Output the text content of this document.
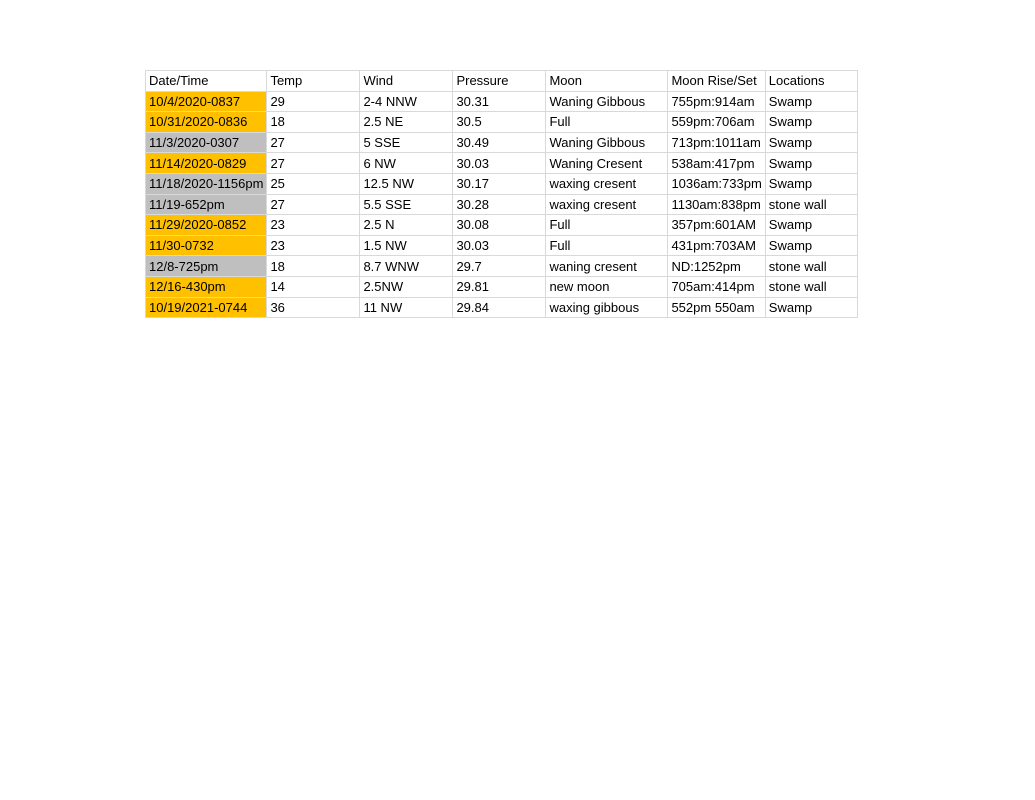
Date/Time	Temp	Wind	Pressure	Moon	Moon Rise/Set	Locations
10/4/2020-0837	29	2-4 NNW	30.31	Waning Gibbous	755pm:914am	Swamp
10/31/2020-0836	18	2.5 NE	30.5	Full	559pm:706am	Swamp
11/3/2020-0307	27	5 SSE	30.49	Waning Gibbous	713pm:1011am	Swamp
11/14/2020-0829	27	6 NW	30.03	Waning Cresent	538am:417pm	Swamp
11/18/2020-1156pm	25	12.5 NW	30.17	waxing cresent	1036am:733pm	Swamp
11/19-652pm	27	5.5 SSE	30.28	waxing cresent	1130am:838pm	stone wall
11/29/2020-0852	23	2.5 N	30.08	Full	357pm:601AM	Swamp
11/30-0732	23	1.5 NW	30.03	Full	431pm:703AM	Swamp
12/8-725pm	18	8.7 WNW	29.7	waning cresent	ND:1252pm	stone wall
12/16-430pm	14	2.5NW	29.81	new moon	705am:414pm	stone wall
10/19/2021-0744	36	11 NW	29.84	waxing gibbous	552pm 550am	Swamp
